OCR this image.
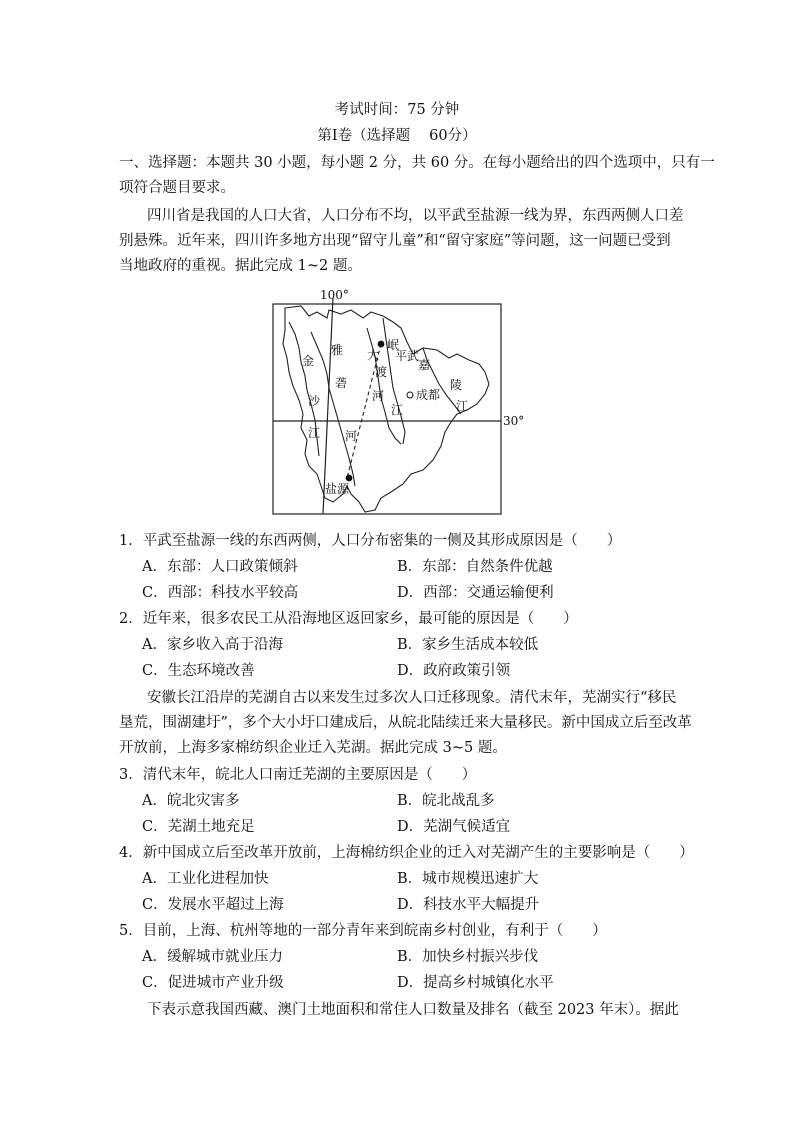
考试时间：75 分钟
第Ⅰ卷（选择题　 60分）
一、选择题：本题共 30 小题，每小题 2 分，共 60 分。在每小题给出的四个选项中，只有一
项符合题目要求。
四川省是我国的人口大省，人口分布不均，以平武至盐源一线为界，东西两侧人口差
别悬殊。近年来，四川许多地方出现“留守儿童”和“留守家庭”等问题，这一问题已受到
当地政府的重视。据此完成 1~2 题。
100°
30°
金
沙
江
雅
砻
河
大
渡
河
岷
江
嘉
陵
江
平武
成都
盐源
1．平武至盐源一线的东西两侧，人口分布密集的一侧及其形成原因是（　　）
A．东部：人口政策倾斜	B．东部：自然条件优越
C．西部：科技水平较高	D．西部：交通运输便利
2．近年来，很多农民工从沿海地区返回家乡，最可能的原因是（　　）
A．家乡收入高于沿海	B．家乡生活成本较低
C．生态环境改善	D．政府政策引领
安徽长江沿岸的芜湖自古以来发生过多次人口迁移现象。清代末年，芜湖实行“移民
垦荒，围湖建圩”，多个大小圩口建成后，从皖北陆续迁来大量移民。新中国成立后至改革
开放前，上海多家棉纺织企业迁入芜湖。据此完成 3~5 题。
3．清代末年，皖北人口南迁芜湖的主要原因是（　　）
A．皖北灾害多	B．皖北战乱多
C．芜湖土地充足	D．芜湖气候适宜
4．新中国成立后至改革开放前，上海棉纺织企业的迁入对芜湖产生的主要影响是（　　）
A．工业化进程加快	B．城市规模迅速扩大
C．发展水平超过上海	D．科技水平大幅提升
5．目前，上海、杭州等地的一部分青年来到皖南乡村创业，有利于（　　）
A．缓解城市就业压力	B．加快乡村振兴步伐
C．促进城市产业升级	D．提高乡村城镇化水平
下表示意我国西藏、澳门土地面积和常住人口数量及排名（截至 2023 年末）。据此
